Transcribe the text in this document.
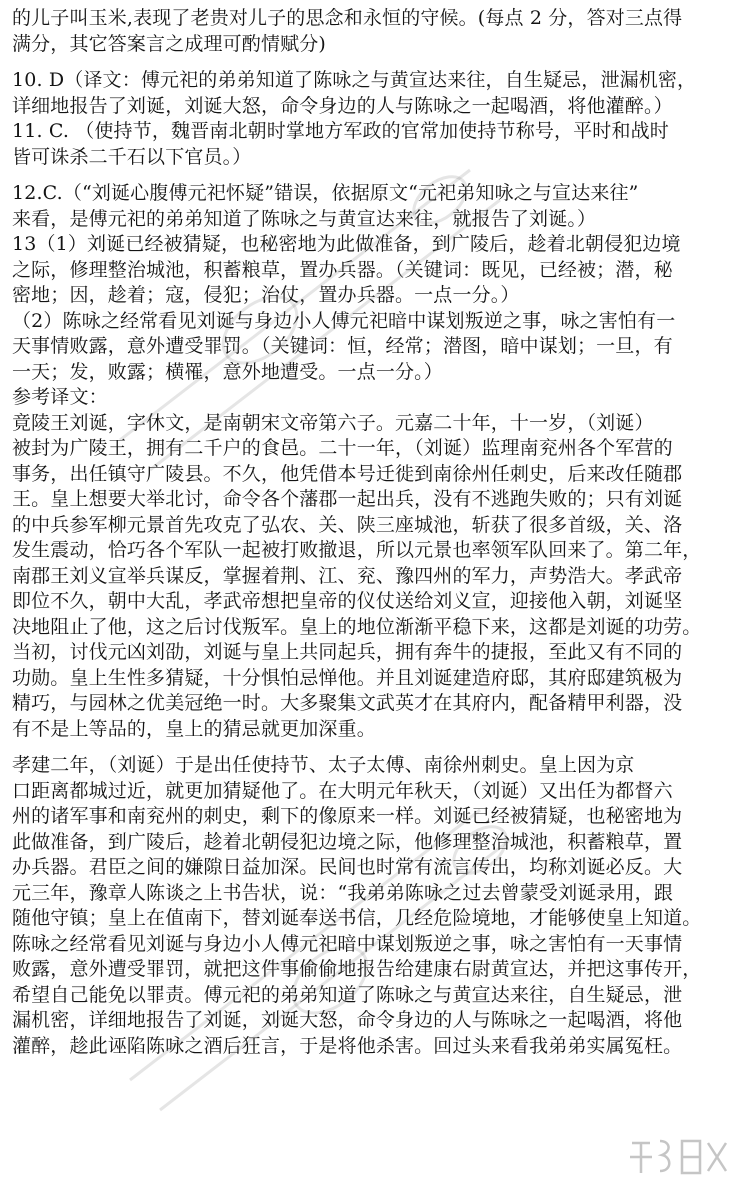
的儿子叫玉米,表现了老贵对儿子的思念和永恒的守候。(每点 2 分，答对三点得
满分，其它答案言之成理可酌情赋分)
10. D（译文：傅元祀的弟弟知道了陈咏之与黄宣达来往，自生疑忌，泄漏机密，
详细地报告了刘诞，刘诞大怒，命令身边的人与陈咏之一起喝酒，将他灌醉。）
11. C. （使持节，魏晋南北朝时掌地方军政的官常加使持节称号，平时和战时
皆可诛杀二千石以下官员。）
12.C.（“刘诞心腹傅元祀怀疑”错误，依据原文“元祀弟知咏之与宣达来往”
来看，是傅元祀的弟弟知道了陈咏之与黄宣达来往，就报告了刘诞。）
13（1）刘诞已经被猜疑，也秘密地为此做准备，到广陵后，趁着北朝侵犯边境
之际，修理整治城池，积蓄粮草，置办兵器。（关键词：既见，已经被；潜，秘
密地；因，趁着；寇，侵犯；治仗，置办兵器。一点一分。）
（2）陈咏之经常看见刘诞与身边小人傅元祀暗中谋划叛逆之事，咏之害怕有一
天事情败露，意外遭受罪罚。（关键词：恒，经常；潜图，暗中谋划；一旦，有
一天；发，败露；横罹，意外地遭受。一点一分。）
参考译文：
竟陵王刘诞，字休文，是南朝宋文帝第六子。元嘉二十年，十一岁，（刘诞）
被封为广陵王，拥有二千户的食邑。二十一年，（刘诞）监理南兖州各个军营的
事务，出任镇守广陵县。不久，他凭借本号迁徙到南徐州任刺史，后来改任随郡
王。皇上想要大举北讨，命令各个藩郡一起出兵，没有不逃跑失败的；只有刘诞
的中兵参军柳元景首先攻克了弘农、关、陕三座城池，斩获了很多首级，关、洛
发生震动，恰巧各个军队一起被打败撤退，所以元景也率领军队回来了。第二年，
南郡王刘义宣举兵谋反，掌握着荆、江、兖、豫四州的军力，声势浩大。孝武帝
即位不久，朝中大乱，孝武帝想把皇帝的仪仗送给刘义宣，迎接他入朝，刘诞坚
决地阻止了他，这之后讨伐叛军。皇上的地位渐渐平稳下来，这都是刘诞的功劳。
当初，讨伐元凶刘劭，刘诞与皇上共同起兵，拥有奔牛的捷报，至此又有不同的
功勋。皇上生性多猜疑，十分惧怕忌惮他。并且刘诞建造府邸，其府邸建筑极为
精巧，与园林之优美冠绝一时。大多聚集文武英才在其府内，配备精甲利器，没
有不是上等品的，皇上的猜忌就更加深重。
孝建二年，（刘诞）于是出任使持节、太子太傅、南徐州刺史。皇上因为京
口距离都城过近，就更加猜疑他了。在大明元年秋天，（刘诞）又出任为都督六
州的诸军事和南兖州的刺史，剩下的像原来一样。刘诞已经被猜疑，也秘密地为
此做准备，到广陵后，趁着北朝侵犯边境之际，他修理整治城池，积蓄粮草，置
办兵器。君臣之间的嫌隙日益加深。民间也时常有流言传出，均称刘诞必反。大
元三年，豫章人陈谈之上书告状，说：“我弟弟陈咏之过去曾蒙受刘诞录用，跟
随他守镇；皇上在值南下，替刘诞奉送书信，几经危险境地，才能够使皇上知道。
陈咏之经常看见刘诞与身边小人傅元祀暗中谋划叛逆之事，咏之害怕有一天事情
败露，意外遭受罪罚，就把这件事偷偷地报告给建康右尉黄宣达，并把这事传开，
希望自己能免以罪责。傅元祀的弟弟知道了陈咏之与黄宣达来往，自生疑忌，泄
漏机密，详细地报告了刘诞，刘诞大怒，命令身边的人与陈咏之一起喝酒，将他
灌醉，趁此诬陷陈咏之酒后狂言，于是将他杀害。回过头来看我弟弟实属冤枉。
